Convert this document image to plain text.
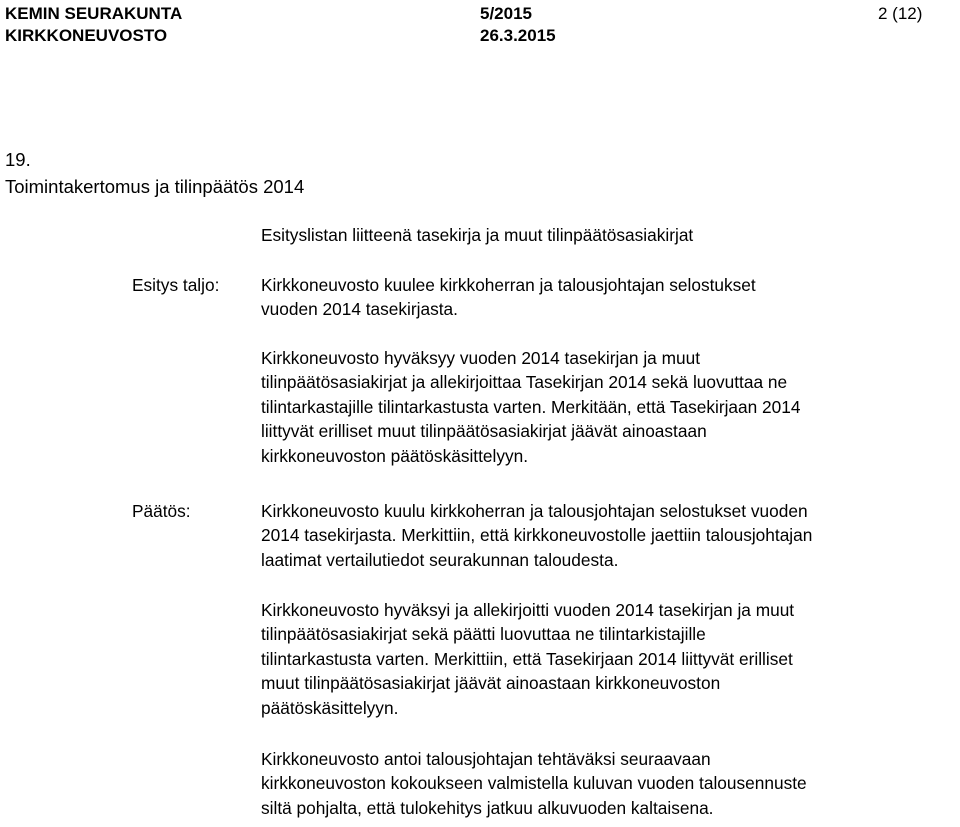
KEMIN SEURAKUNTA
KIRKKONEUVOSTO
5/2015
26.3.2015
2 (12)
19.
Toimintakertomus ja tilinpäätös 2014
Esityslistan liitteenä tasekirja ja muut tilinpäätösasiakirjat
Esitys taljo: Kirkkoneuvosto kuulee kirkkoherran ja talousjohtajan selostukset
vuoden 2014 tasekirjasta.
Kirkkoneuvosto hyväksyy vuoden 2014 tasekirjan ja muut
tilinpäätösasiakirjat ja allekirjoittaa Tasekirjan 2014 sekä luovuttaa ne
tilintarkastajille tilintarkastusta varten. Merkitään, että Tasekirjaan 2014
liittyvät erilliset muut tilinpäätösasiakirjat jäävät ainoastaan
kirkkoneuvoston päätöskäsittelyyn.
Päätös:	Kirkkoneuvosto kuulu kirkkoherran ja talousjohtajan selostukset vuoden
2014 tasekirjasta. Merkittiin, että kirkkoneuvostolle jaettiin talousjohtajan
laatimat vertailutiedot seurakunnan taloudesta.
Kirkkoneuvosto hyväksyi ja allekirjoitti vuoden 2014 tasekirjan ja muut
tilinpäätösasiakirjat sekä päätti luovuttaa ne tilintarkistajille
tilintarkastusta varten. Merkittiin, että Tasekirjaan 2014 liittyvät erilliset
muut tilinpäätösasiakirjat jäävät ainoastaan kirkkoneuvoston
päätöskäsittelyyn.
Kirkkoneuvosto antoi talousjohtajan tehtäväksi seuraavaan
kirkkoneuvoston kokoukseen valmistella kuluvan vuoden talousennuste
siltä pohjalta, että tulokehitys jatkuu alkuvuoden kaltaisena.
